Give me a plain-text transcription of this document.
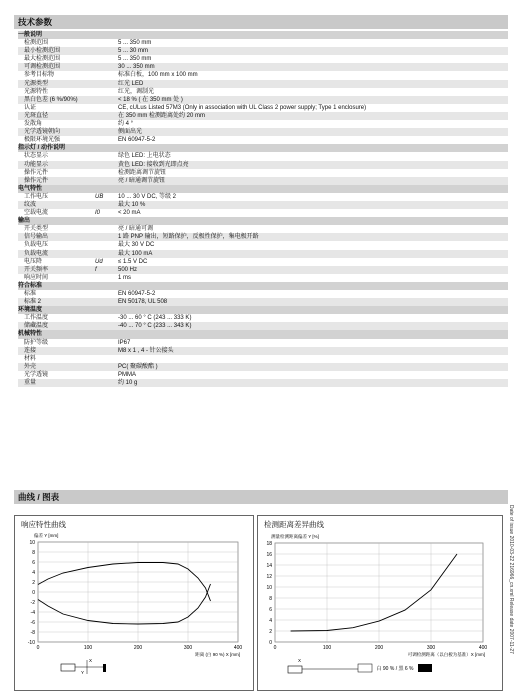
技术参数
一般说明
检测范围	5 ... 350 mm
最小检测范围	5 ... 30 mm
最大检测范围	5 ... 350 mm
可调检测范围	30 ... 350 mm
参考目标物	标准白板，100 mm x 100 mm
光源类型	红光 LED
光源特性	红光，调制光
黑白色差 (6 %/90%)	< 18 % ( 在 350 mm 处 )
认证	CE, cULus Listed 57M3 (Only in association with UL Class 2 power supply; Type 1 enclosure)
光斑直径	在 350 mm 检测距离处约 20 mm
发散角	约 4 °
光学透镜朝向	侧面出光
极限环境光强	EN 60947-5-2
指示灯 / 动作说明
状态显示	绿色 LED: 上电状态
功能显示	黄色 LED: 接收到光即点亮
操作元件	检测距离调节旋钮
操作元件	亮 / 暗通调节旋钮
电气特性
工作电压	UB 10 ... 30 V DC, 等级 2
纹波	最大 10 %
空载电流	I0	< 20 mA
输出
开关类型	亮 / 暗通可调
信号输出	1 路 PNP 输出，短路保护，反极性保护，集电极开路
负载电压	最大 30 V DC
负载电流	最大 100 mA
电压降	Ud	≤ 1.5 V DC
开关频率	f	500 Hz
响应时间	1 ms
符合标准
标准	EN 60947-5-2
标准 2	EN 50178, UL 508
环境温度
工作温度	-30 ... 60 ° C (243 ... 333 K)
储藏温度	-40 ... 70 ° C (233 ... 343 K)
机械特性
防护等级	IP67
连接	M8 x 1 , 4 - 针公接头
材料
外壳	PC( 聚碳酸酯 )
光学透镜	PMMA
重量	约 10 g
曲线 / 图表
响应特性曲线
-10
-8
-6
-4
-2
0
2
4
6
8
10
0	100	200	300	400
偏差 Y [mm]
距离 (白 90 %) X [mm]
X
Y
检测距离差异曲线
0
2
4
6
8
10
12
14
16
18
0	100	200	300	400
测量检测距离偏差 Y [%]
可调检测距离（以白板为基准）X [mm]
X
白 90 % / 黑 6 %
Date of issue 2010-03-22 216966_cn.xml Release date 2007-11-27
